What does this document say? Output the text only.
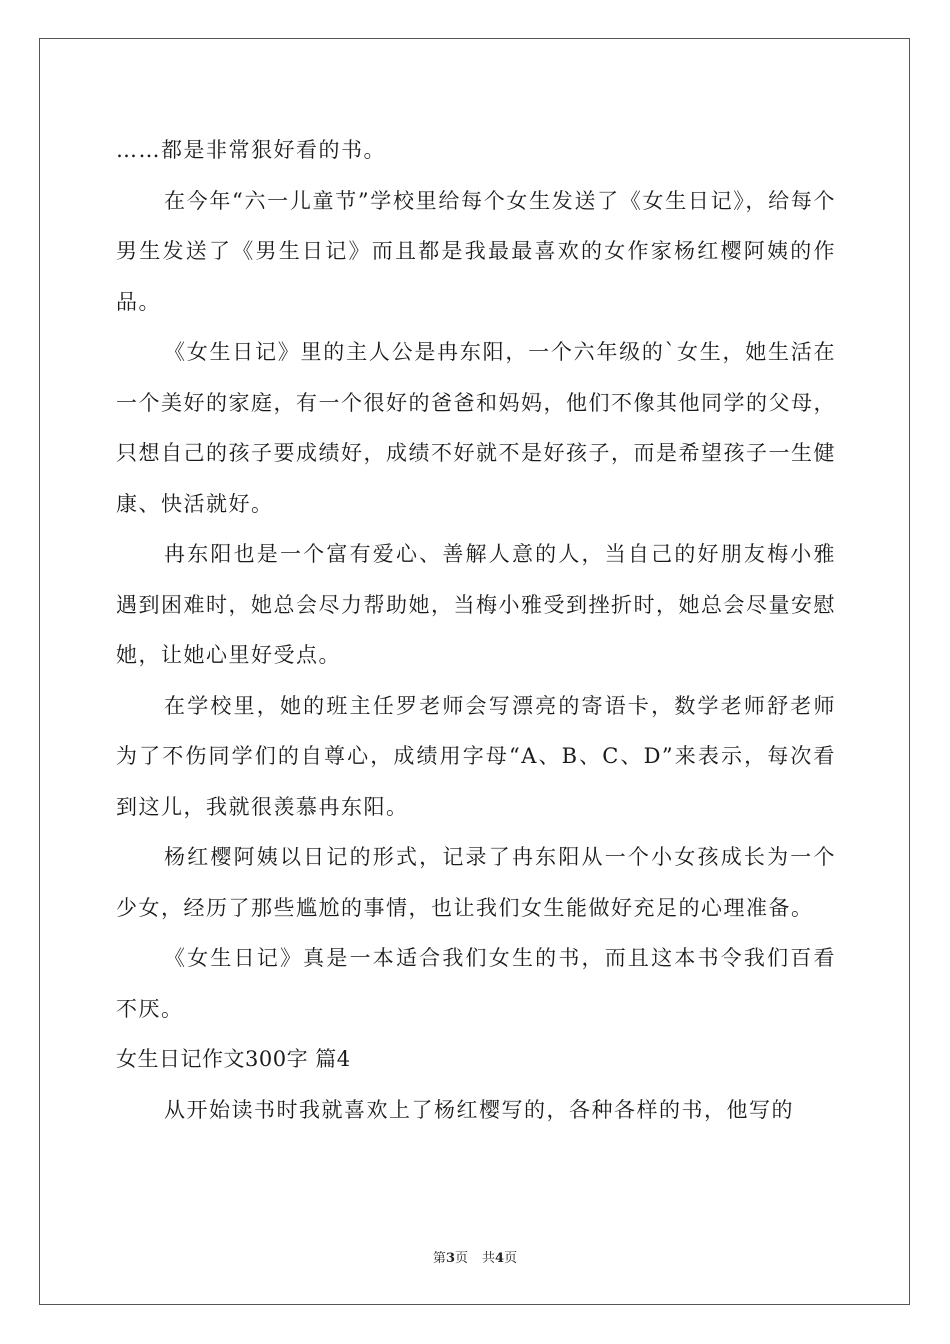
……都是非常狠好看的书。

在今年“六一儿童节”学校里给每个女生发送了《女生日记》，给每个男生发送了《男生日记》而且都是我最最喜欢的女作家杨红樱阿姨的作品。

《女生日记》里的主人公是冉东阳，一个六年级的`女生，她生活在一个美好的家庭，有一个很好的爸爸和妈妈，他们不像其他同学的父母，只想自己的孩子要成绩好，成绩不好就不是好孩子，而是希望孩子一生健康、快活就好。

冉东阳也是一个富有爱心、善解人意的人，当自己的好朋友梅小雅遇到困难时，她总会尽力帮助她，当梅小雅受到挫折时，她总会尽量安慰她，让她心里好受点。

在学校里，她的班主任罗老师会写漂亮的寄语卡，数学老师舒老师为了不伤同学们的自尊心，成绩用字母“A、B、C、D”来表示，每次看到这儿，我就很羡慕冉东阳。

杨红樱阿姨以日记的形式，记录了冉东阳从一个小女孩成长为一个少女，经历了那些尴尬的事情，也让我们女生能做好充足的心理准备。

《女生日记》真是一本适合我们女生的书，而且这本书令我们百看不厌。

女生日记作文300字 篇4

从开始读书时我就喜欢上了杨红樱写的，各种各样的书，他写的

第3页 共4页
